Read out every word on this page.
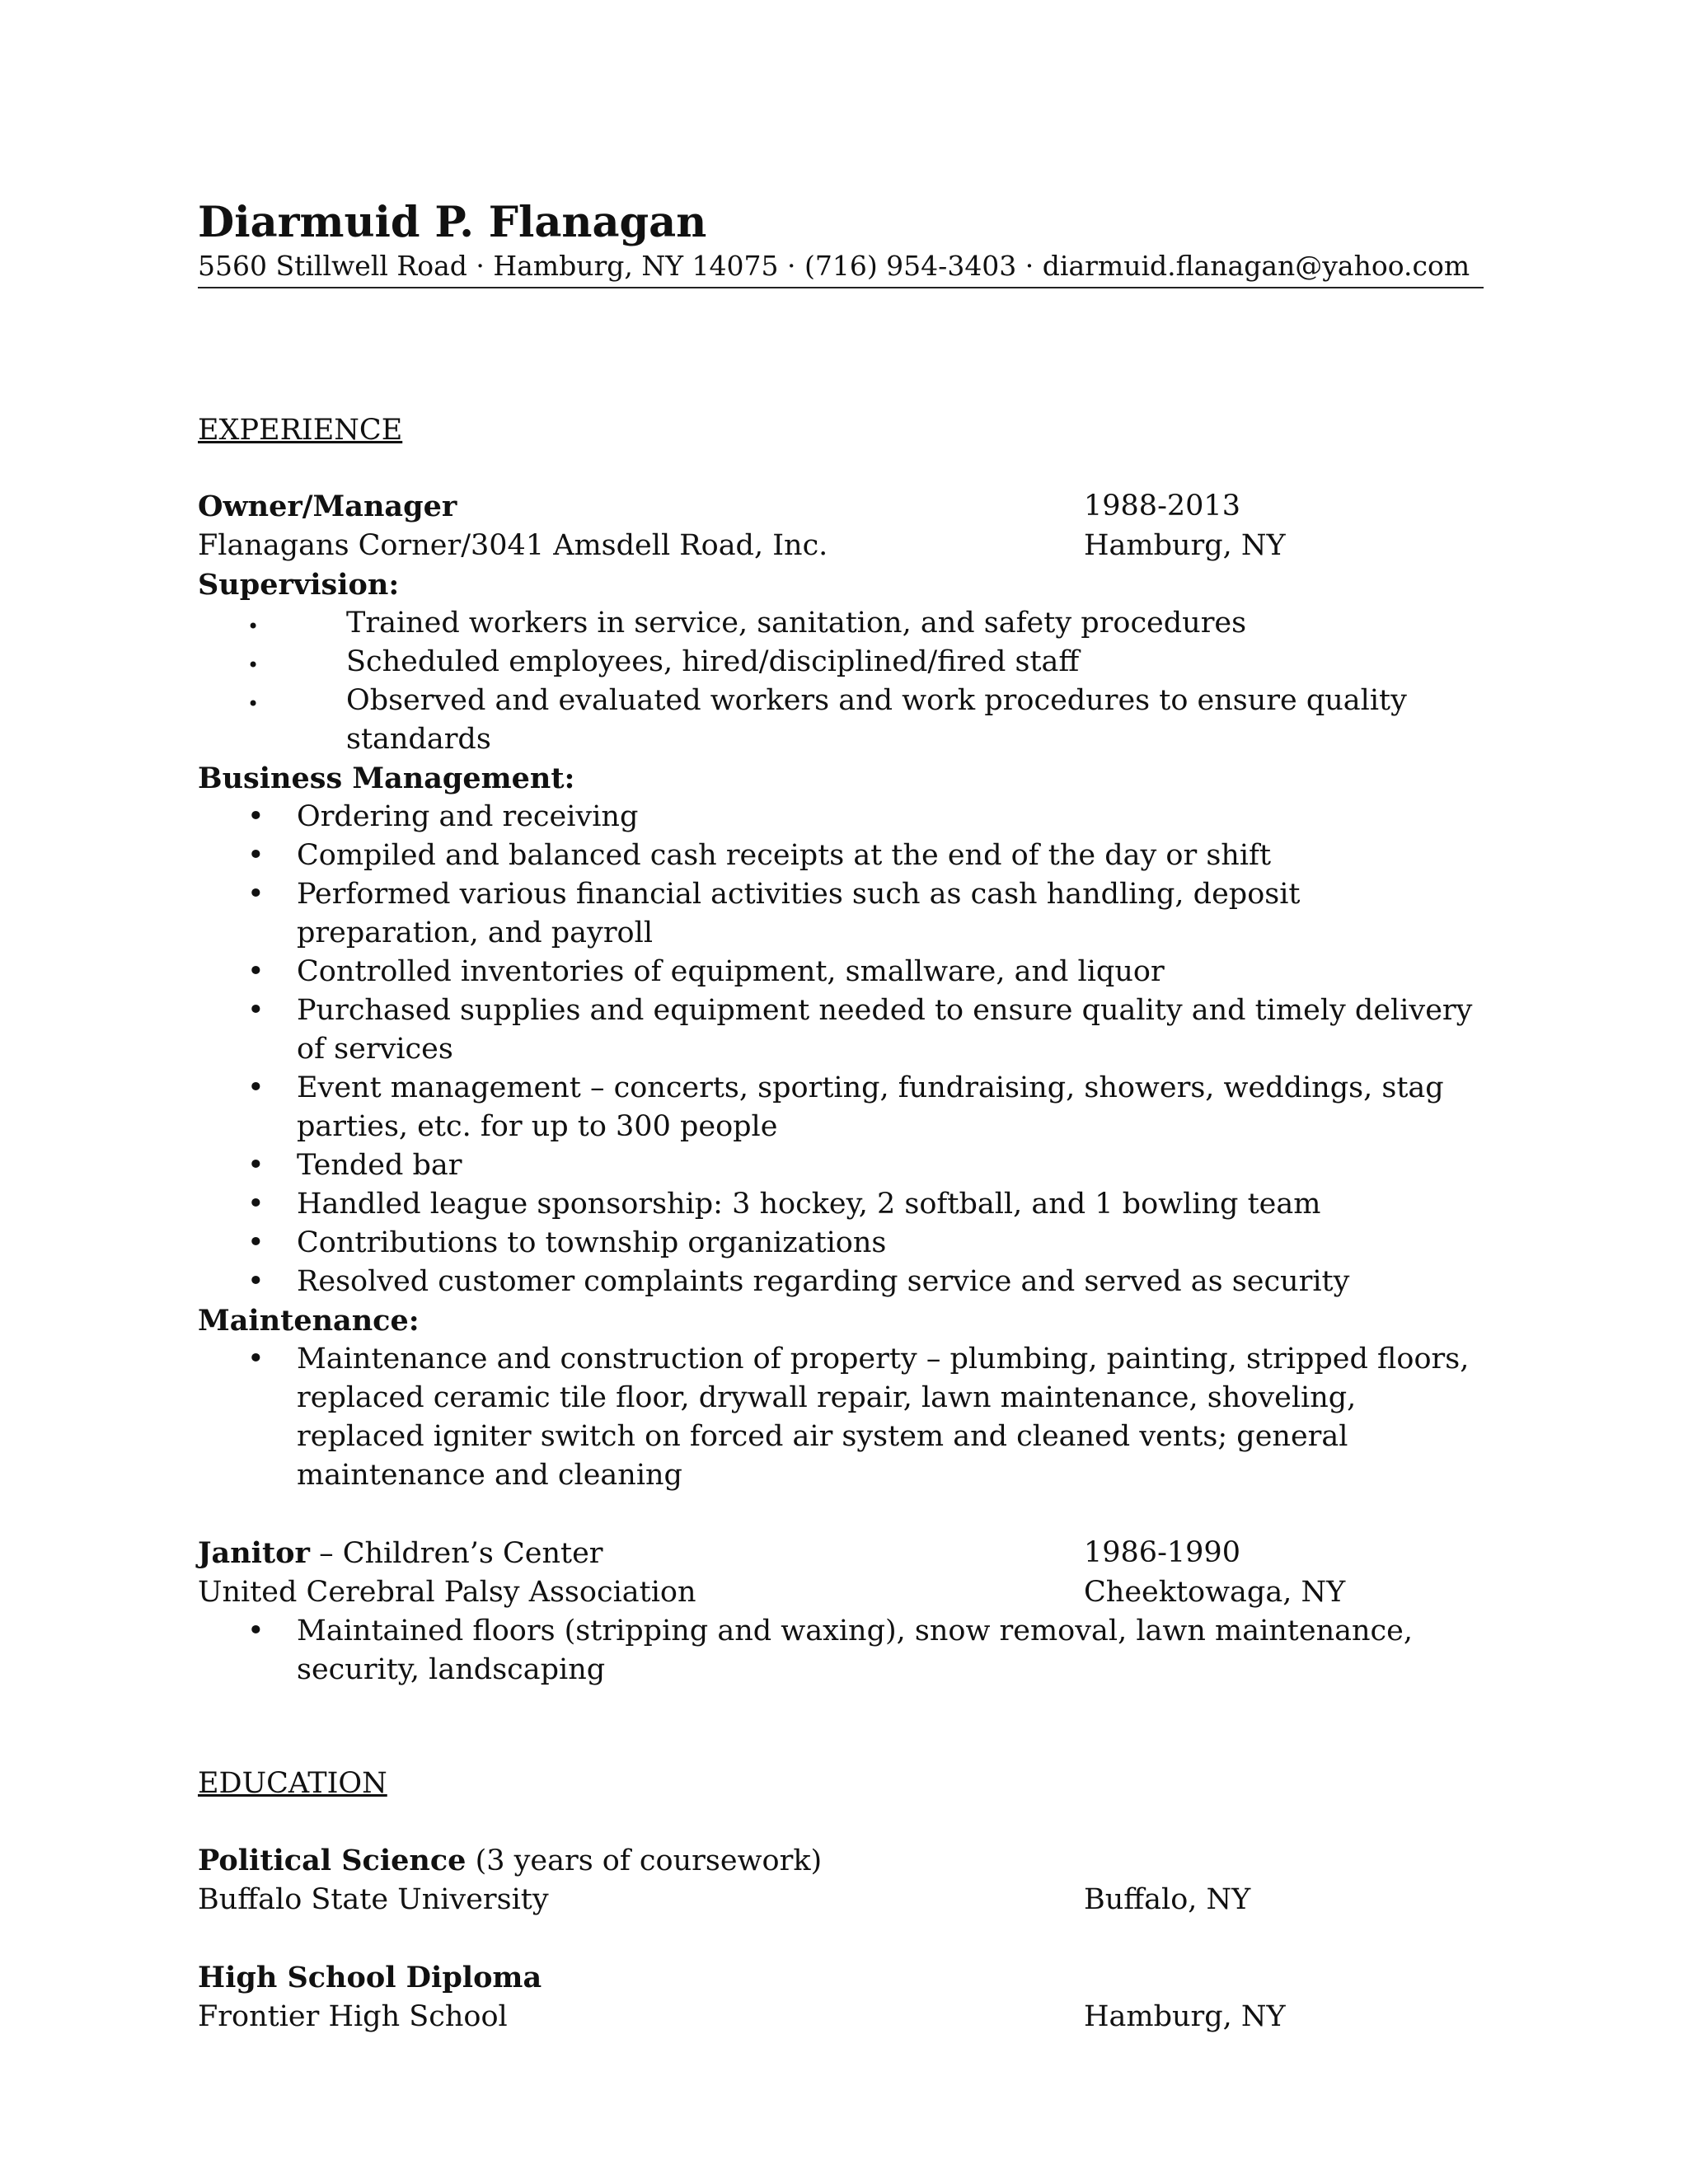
Diarmuid P. Flanagan
5560 Stillwell Road · Hamburg, NY 14075 · (716) 954-3403 · diarmuid.flanagan@yahoo.com
EXPERIENCE
Owner/Manager	1988-2013
Flanagans Corner/3041 Amsdell Road, Inc.	Hamburg, NY
Supervision:
•	Trained workers in service, sanitation, and safety procedures
•	Scheduled employees, hired/disciplined/fired staff
•	Observed and evaluated workers and work procedures to ensure quality standards
Business Management:
• Ordering and receiving
• Compiled and balanced cash receipts at the end of the day or shift
• Performed various financial activities such as cash handling, deposit preparation, and payroll
• Controlled inventories of equipment, smallware, and liquor
• Purchased supplies and equipment needed to ensure quality and timely delivery of services
• Event management – concerts, sporting, fundraising, showers, weddings, stag parties, etc. for up to 300 people
• Tended bar
• Handled league sponsorship: 3 hockey, 2 softball, and 1 bowling team
• Contributions to township organizations
• Resolved customer complaints regarding service and served as security
Maintenance:
• Maintenance and construction of property – plumbing, painting, stripped floors, replaced ceramic tile floor, drywall repair, lawn maintenance, shoveling, replaced igniter switch on forced air system and cleaned vents; general maintenance and cleaning
Janitor – Children’s Center	1986-1990
United Cerebral Palsy Association	Cheektowaga, NY
• Maintained floors (stripping and waxing), snow removal, lawn maintenance, security, landscaping
EDUCATION
Political Science (3 years of coursework)
Buffalo State University	Buffalo, NY
High School Diploma
Frontier High School	Hamburg, NY
